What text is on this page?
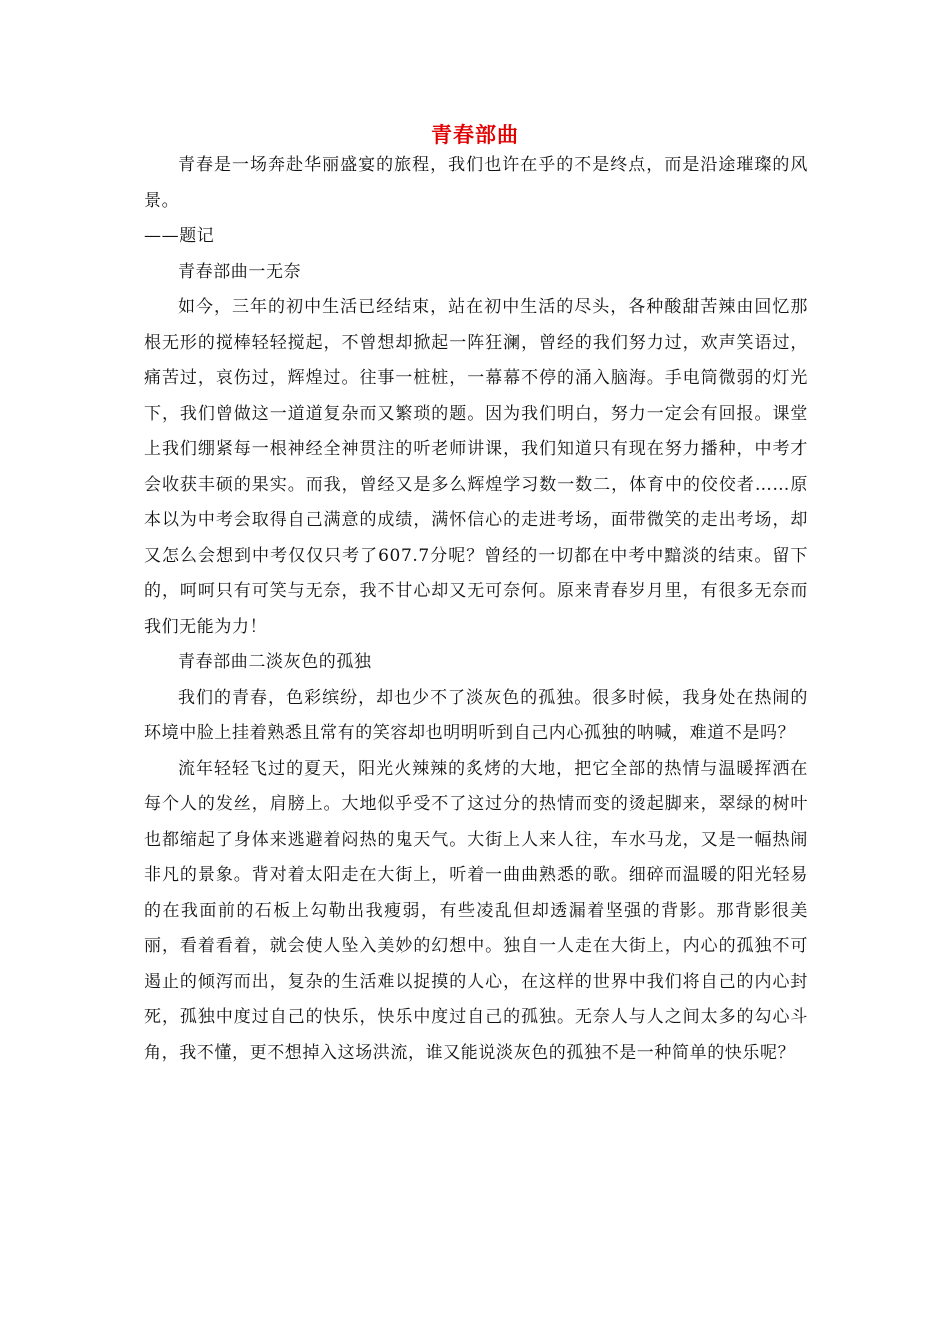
青春部曲

青春是一场奔赴华丽盛宴的旅程，我们也许在乎的不是终点，而是沿途璀璨的风景。

——题记

青春部曲一无奈

如今，三年的初中生活已经结束，站在初中生活的尽头，各种酸甜苦辣由回忆那根无形的搅棒轻轻搅起，不曾想却掀起一阵狂澜，曾经的我们努力过，欢声笑语过，痛苦过，哀伤过，辉煌过。往事一桩桩，一幕幕不停的涌入脑海。手电筒微弱的灯光下，我们曾做这一道道复杂而又繁琐的题。因为我们明白，努力一定会有回报。课堂上我们绷紧每一根神经全神贯注的听老师讲课，我们知道只有现在努力播种，中考才会收获丰硕的果实。而我，曾经又是多么辉煌学习数一数二，体育中的佼佼者……原本以为中考会取得自己满意的成绩，满怀信心的走进考场，面带微笑的走出考场，却又怎么会想到中考仅仅只考了607.7分呢？曾经的一切都在中考中黯淡的结束。留下的，呵呵只有可笑与无奈，我不甘心却又无可奈何。原来青春岁月里，有很多无奈而我们无能为力！

青春部曲二淡灰色的孤独

我们的青春，色彩缤纷，却也少不了淡灰色的孤独。很多时候，我身处在热闹的环境中脸上挂着熟悉且常有的笑容却也明明听到自己内心孤独的呐喊，难道不是吗？

流年轻轻飞过的夏天，阳光火辣辣的炙烤的大地，把它全部的热情与温暖挥洒在每个人的发丝，肩膀上。大地似乎受不了这过分的热情而变的烫起脚来，翠绿的树叶也都缩起了身体来逃避着闷热的鬼天气。大街上人来人往，车水马龙，又是一幅热闹非凡的景象。背对着太阳走在大街上，听着一曲曲熟悉的歌。细碎而温暖的阳光轻易的在我面前的石板上勾勒出我瘦弱，有些凌乱但却透漏着坚强的背影。那背影很美丽，看着看着，就会使人坠入美妙的幻想中。独自一人走在大街上，内心的孤独不可遏止的倾泻而出，复杂的生活难以捉摸的人心，在这样的世界中我们将自己的内心封死，孤独中度过自己的快乐，快乐中度过自己的孤独。无奈人与人之间太多的勾心斗角，我不懂，更不想掉入这场洪流，谁又能说淡灰色的孤独不是一种简单的快乐呢？
